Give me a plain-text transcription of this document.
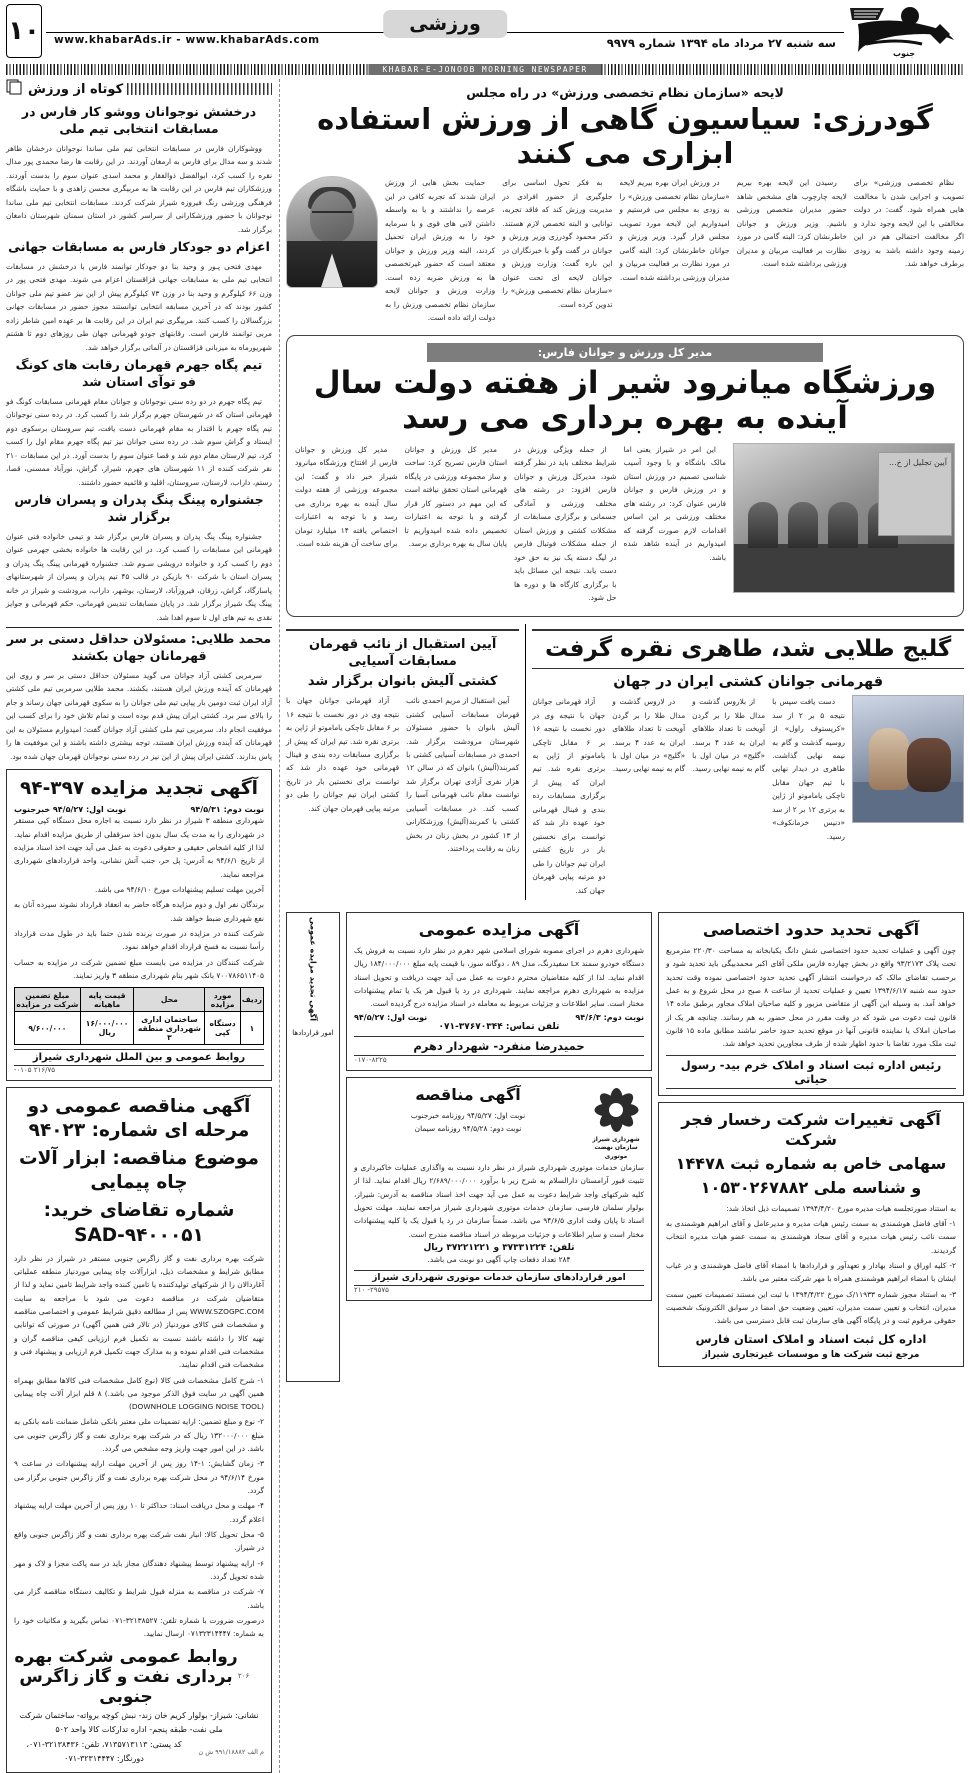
جنوب
سه شنبه ۲۷ مرداد ماه ۱۳۹۴ شماره ۹۹۷۹
ورزشی
www.khabarAds.ir - www.khabarAds.com
۱۰
KHABAR-E-JONOOB MORNING NEWSPAPER
لایحه «سازمان نظام تخصصی ورزش» در راه مجلس
گودرزی: سیاسیون گاهی از ورزش استفاده ابزاری می کنند

نظام تخصصی ورزشی» برای تصویب و اجرایی شدن با مخالفت هایی همراه شود. گفت: در دولت مخالفتی با این لایحه وجود ندارد و اگر مخالفت احتمالی هم در این زمینه وجود داشته باشد به زودی برطرف خواهد شد.

رسیدن این لایحه بهره بیریم لایحه چارچوب های مشخص شاهد حضور مدیران متخصص ورزشی باشیم. وزیر ورزش و جوانان خاطرنشان کرد: البته گامی در مورد نظارت بر فعالیت مربیان و مدیران ورزشی برداشته شده است.

در ورزش ایران بهره بیریم لایحه «سازمان نظام تخصصی ورزش» را به زودی به مجلس می فرستیم و امیدواریم این لایحه مورد تصویب مجلس قرار گیرد. وزیر ورزش و جوانان خاطرنشان کرد: البته گامی در مورد نظارت بر فعالیت مربیان و مدیران ورزشی برداشته شده است.

به فکر تحول اساسی برای جلوگیری از حضور افرادی در مدیریت ورزش کند که فاقد تجربه، توانایی و البته تخصص لازم هستند. دکتر محمود گودرزی وزیر ورزش و جوانان در گفت وگو با خبرنگاران در این باره گفت: وزارت ورزش و جوانان لایحه ای تحت عنوان «سازمان نظام تخصصی ورزش» را تدوین کرده است.

حمایت بخش هایی از ورزش ایران شدند که تجربه کافی در این عرصه را نداشتند و یا به واسطه داشتن لابی های قوی و با سرمایه خود را به ورزش ایران تحمیل کردند، البته وزیر ورزش و جوانان معتقد است که حضور غیرتخصصی ها به ورزش ضربه زده است. وزارت ورزش و جوانان لایحه سازمان نظام تخصصی ورزش را به دولت ارائه داده است.

مدیر کل ورزش و جوانان فارس:
ورزشگاه میانرود شیر از هفته دولت سال آینده به بهره برداری می رسد
آیین تجلیل از خ...

این امر در شیراز یعنی اما مالک باشگاه و با وجود آسیب شناسی تصمیم در ورزش استان و در ورزش فارس و جوانان فارس عنوان کرد: در رشته های مختلف ورزشی بر این اساس اقدامات لازم صورت گرفته که امیدواریم در آینده شاهد شده باشد.

از جمله ویژگی ورزش در شرایط مختلف باید در نظر گرفته شود، مدیرکل ورزش و جوانان فارس افزود: در رشته های مختلف ورزشی و آمادگی جسمانی و برگزاری مسابقات از مشکلات کشتی و ورزش استان از جمله مشکلات فوتبال فارس در لیگ دسته یک نیز به حق خود دست یابد. نتیجه این مسائل باید با برگزاری کارگاه ها و دوره ها حل شود.

مدیر کل ورزش و جوانان استان فارس تصریح کرد: ساخت و ساز مجموعه ورزشی در پایگاه قهرمانی استان تحقق نیافته است که این مهم در دستور کار قرار گرفته و با توجه به اعتبارات تخصیص داده شده امیدواریم تا پایان سال به بهره برداری برسد.

مدیر کل ورزش و جوانان فارس از افتتاح ورزشگاه میانرود شیراز خبر داد و گفت: این مجموعه ورزشی از هفته دولت سال آینده به بهره برداری می رسد و با توجه به اعتبارات اختصاص یافته ۱۴ میلیارد تومان برای ساخت آن هزینه شده است.

گلیج طلایی شد، طاهری نقره گرفت
قهرمانی جوانان کشتی ایران در جهان

دست یافت سپس با نتیجه ۵ بر ۲ از سد «کریستوف راول» از روسیه گذشت و گام به نیمه نهایی گذاشت. طاهری در دیدار نهایی با تیم جهان مقابل تاچکی یاماموتو از ژاپن به برتری ۱۲ بر ۲ از سد «دنیس خرمانکوف» رسید.

از بلاروس گذشت و مدال طلا را بر گردن آویخت تا تعداد طلاهای ایران به عدد ۴ برسد. «گلیج» در میان اول با گام به نیمه نهایی رسید.

در لاروس گذشت و مدال طلا را بر گردن آویخت تا تعداد طلاهای ایران به عدد ۴ برسد. «گلیج» در میان اول با گام به نیمه نهایی رسید.

آزاد قهرمانی جوانان جهان با نتیجه وی در دور نخست با نتیجه ۱۶ بر ۶ مقابل تاچکی یاماموتو از ژاپن به برتری نقره شد. تیم ایران که پیش از برگزاری مسابقات رده بندی و فینال قهرمانی خود عهده دار شد که توانست برای نخستین بار در تاریخ کشتی ایران تیم جوانان را طی دو مرتبه پیاپی قهرمان جهان کند.

آیین استقبال از نائب قهرمان مسابقات آسیایی
کشتی آلیش بانوان برگزار شد

آیین استقبال از مریم احمدی نائب قهرمان مسابقات آسیایی کشتی آلیش بانوان با حضور مسئولان شهرستان مرودشت برگزار شد. احمدی در مسابقات آسیایی کشتی با کمربند(آلیش) بانوان که در سالن ۱۲ هزار نفری آزادی تهران برگزار شد توانست مقام نائب قهرمانی آسیا را کسب کند. در مسابقات آسیایی کشتی با کمربند(آلیش) ورزشکارانی از ۱۳ کشور در بخش زنان در بخش زنان به رقابت پرداختند.

آزاد قهرمانی جوانان جهان با نتیجه وی در دور نخست با نتیجه ۱۶ بر ۶ مقابل تاچکی یاماموتو از ژاپن به برتری نقره شد. تیم ایران که پیش از برگزاری مسابقات رده بندی و فینال قهرمانی خود عهده دار شد که توانست برای نخستین بار در تاریخ کشتی ایران تیم جوانان را طی دو مرتبه پیاپی قهرمان جهان کند.

آگهی تحدید حدود اختصاصی

چون آگهی و عملیات تحدید حدود اختصاصی شش دانگ یکبابخانه به مساحت ۲۲۰/۳۰ مترمربع تحت پلاک ۹۳/۲۱۷۳ واقع در بخش چهارده فارس ملکی آقای اکبر محمدبیگی باید تحدید شود و برحسب تقاضای مالک که درخواست انتشار آگهی تحدید حدود اختصاصی نموده وقت تحدید حدود سه شنبه ۱۳۹۴/۶/۱۷ تعیین و عملیات تحدید از ساعت ۸ صبح در محل شروع و به عمل خواهد آمد. به وسیله این آگهی از متقاضی مزبور و کلیه صاحبان املاک مجاور برطبق ماده ۱۴ قانون ثبت دعوت می شود که در وقت مقرر در محل حضور به هم رسانند. چنانچه هر یک از صاحبان املاک یا نماینده قانونی آنها در موقع تحدید حدود حاضر نباشند مطابق ماده ۱۵ قانون ثبت ملک مورد تقاضا با حدود اظهار شده از طرف مجاورین تحدید خواهد شد.

رئیس اداره ثبت اسناد و املاک خرم بید- رسول حیاتی
آگهی تغییرات شرکت رخسار فجر شرکت
سهامی خاص به شماره ثبت ۱۴۴۷۸
و شناسه ملی ۱۰۵۳۰۲۶۷۸۸۲

به استناد صورتجلسه هیات مدیره مورخ ۱۳۹۴/۴/۲۰ تصمیمات ذیل اتخاذ شد:

۱- آقای فاضل هوشمندی به سمت رئیس هیات مدیره و مدیرعامل و آقای ابراهیم هوشمندی به سمت نائب رئیس هیات مدیره و آقای سجاد هوشمندی به سمت عضو هیات مدیره انتخاب گردیدند.

۲- کلیه اوراق و اسناد بهادار و تعهدآور و قراردادها با امضاء آقای فاضل هوشمندی و در غیاب ایشان با امضاء ابراهیم هوشمندی همراه با مهر شرکت معتبر می باشد.

۳- به استناد مجوز شماره ۱۱۹۳۳/ک مورخ ۱۳۹۴/۴/۲۲ با ثبت این مستند تصمیمات تعیین سمت مدیران، انتخاب و تعیین سمت مدیران، تعیین وضعیت حق امضا در سوابق الکترونیک شخصیت حقوقی مرقوم ثبت و در پایگاه آگهی های سازمان ثبت قابل دسترسی می باشد.

اداره کل ثبت اسناد و املاک استان فارس
مرجع ثبت شرکت ها و موسسات غیرتجاری شیراز
آگهی مزایده عمومی

شهرداری دهرم در اجرای مصوبه شورای اسلامی شهر دهرم در نظر دارد نسبت به فروش یک دستگاه خودرو سمند Lx سفیدرنگ، مدل ۸۹ ، دوگانه سوز، با قیمت پایه مبلغ ۱۸۴/۰۰۰/۰۰۰ ریال اقدام نماید. لذا از کلیه متقاضیان محترم دعوت به عمل می آید جهت دریافت و تحویل اسناد مزایده به شهرداری دهرم مراجعه نمایند. شهرداری در رد یا قبول هر یک یا تمام پیشنهادات مختار است. سایر اطلاعات و جزئیات مربوط به معامله در اسناد مزایده درج گردیده است.

نوبت دوم: ۹۴/۶/۳
نوبت اول: ۹۴/۵/۲۷
تلفن تماس: ۳۷۶۷۰۳۴۴-۰۷۱
حمیدرضا منفرد- شهردار دهرم
۰۱۷۰-۸۲۲۵
شهرداری شیراز
سازمان نهضت موتوری
آگهی مناقصه
نوبت اول: ۹۴/۵/۲۷ روزنامه خبرجنوب
نوبت دوم: ۹۴/۵/۲۸ روزنامه سیمان

سازمان خدمات موتوری شهرداری شیراز در نظر دارد نسبت به واگذاری عملیات خاکبرداری و تثبیت قبور آرامستان دارالسلام به شرح زیر با برآورد ۲/۶۸۹/۰۰۰/۰۰۰ ریال اقدام نماید. لذا از کلیه شرکتهای واجد شرایط دعوت به عمل می آید جهت اخذ اسناد مناقصه به آدرس: شیراز، بولوار سلمان فارسی، سازمان خدمات موتوری شهرداری شیراز مراجعه نمایند. مهلت تحویل اسناد تا پایان وقت اداری ۹۴/۶/۵ می باشد. ضمناً سازمان در رد یا قبول یک یا کلیه پیشنهادات مختار است و سایر اطلاعات و جزئیات مربوطه در اسناد مناقصه مندرج است.

تلفن: ۳۷۳۳۱۲۲۴ و ۳۷۲۲۱۲۲۱ ریال
۲۸۴ تعداد دفعات چاپ آگهی دو نوبت می باشد.
امور قراردادهای سازمان خدمات موتوری شهرداری شیراز
۲۹۵۷۵- ۲۱۰
آگهی تجدید مزایده عمومی
امور قراردادها
کوتاه از ورزش
درخشش نوجوانان ووشو کار فارس در مسابقات انتخابی تیم ملی

ووشوکاران فارس در مسابقات انتخابی تیم ملی ساندا نوجوانان درخشان ظاهر شدند و سه مدال برای فارس به ارمغان آوردند. در این رقابت ها رضا محمدی پور مدال نقره را کسب کرد، ابوالفضل ذوالفقار و محمد اسدی عنوان سوم را بدست آوردند. ورزشکاران تیم فارس در این رقابت ها به مربیگری محسن زاهدی و با حمایت باشگاه فرهنگی ورزشی رنگ فیروزه شیراز شرکت کردند. مسابقات انتخابی تیم ملی ساندا نوجوانان با حضور ورزشکارانی از سراسر کشور در استان سمنان شهرستان دامغان برگزار شد.

اعزام دو جودکار فارس به مسابقات جهانی

مهدی فتحی پـور و وحید بنا دو جودکار توانمند فارس با درخشش در مسابقات انتخابی تیم ملی به مسابقات جهانی قزاقستان اعزام می شوند. مهدی فتحی پور در وزن ۶۶ کیلوگرم و وحید بنا در وزن ۷۳ کیلوگرم پیش از این نیز عضو تیم ملی جوانان کشور بودند که در آخرین مسابقه انتخابی توانستند مجوز حضور در مسابقات جهانی بزرگسالان را کسب کنند. مربیگری تیم ایران در این رقابت ها بر عهده امین شاطر زاده مربی توانمند فارس است. رقابتهای جودو قهرمانی جهان طی روزهای دوم تا هشتم شهریورماه به میزبانی قزاقستان در آلماتی برگزار خواهد شد.

تیم پگاه جهرم قهرمان رقابت های کونگ فو توآی استان شد

تیم پگاه جهرم در دو رده سنی نوجوانان و جوانان مقام قهرمانی مسابقات کونگ فو قهرمانی استان که در شهرستان جهرم برگزار شد را کسب کرد. در رده سنی نوجوانان تیم پگاه جهرم با اقتدار به مقام قهرمانی دست یافت، تیم سروستان برسکوی دوم ایستاد و گراش سوم شد. در رده سنی جوانان نیز تیم پگاه جهرم مقام اول را کسب کرد، تیم لارستان مقام دوم شد و قصا عنوان سوم را بدست آورد. در این مسابقات ۲۱۰ نفر شرکت کننده از ۱۱ شهرستان های جهرم، شیراز، گراش، نورآباد ممسنی، قصا، رستم، داراب، لارستان، سروستان، اقلید و قائمیه حضور داشتند.

جشنواره پینگ پنگ پدران و پسران فارس برگزار شد

جشنواره پینگ پنگ پدران و پسران فارس برگزار شد و تیمی خانواده فنی عنوان قهرمانی این مسابقات را کسب کرد. در این رقابت ها خانواده بخشی جهرمی عنوان دوم را کسب کرد و خانواده درویشی سـوم شد. جشنواره قهرمانی پینگ پنگ پدران و پسران استان با شرکت ۹۰ بازیکن در قالب ۴۵ تیم پدران و پسران از شهرستانهای پاسارگاد، گراش، زرقان، فیروزآباد، لارستان، بوشهر، داراب، مرودشت و شیراز در خانه پینگ پنگ شیراز برگزار شد. در پایان مسابقات تندیس قهرمانی، حکم قهرمانی و جوایز نقدی به تیم های اول تا سوم اهدا شد.

محمد طلایی: مسئولان حداقل دستی بر سر قهرمانان جهان بکشند

سرمربی کشتی آزاد جوانان می گوید مسئولان حداقل دستی بر سر و روی این قهرمانان که آینده ورزش ایران هستند، بکشند. محمد طلایی سرمربی تیم ملی کشتی آزاد ایران ثبت دومین بار پیاپی تیم ملی جوانان را به سکوی قهرمانی جهان رساند و جام را بالای سر برد. کشتی ایران پیش قدم بوده است و تمام تلاش خود را برای کسب این موفقیت انجام داد. سرمربی تیم ملی کشتی آزاد جوانان گفت: امیدوارم مسئولان به این قهرمانان که آینده ورزش ایران هستند، توجه بیشتری داشته باشند و این موفقیت ها را پاس بدارند. کشتی ایران پیش از این نیز در رده سنی نوجوانان قهرمان جهان شده بود.

آگهی تجدید مزایده ۳۹۷-۹۴
نوبت دوم: ۹۴/۵/۳۱
نوبت اول: ۹۴/۵/۲۷ خبرجنوب

شهرداری منطقه ۳ شیراز در نظر دارد نسبت به اجاره محل دستگاه کپی مستقر در شهرداری را به مدت یک سال بدون اخذ سرقفلی از طریق مزایده اقدام نماید. لذا از کلیه اشخاص حقیقی و حقوقی دعوت به عمل می آید جهت اخذ اسناد مزایده از تاریخ ۹۴/۶/۱ به آدرس: پل حر، جنب آتش نشانی، واحد قراردادهای شهرداری مراجعه نمایند.

آخرین مهلت تسلیم پیشنهادات مورخ ۹۴/۶/۱۰ می باشد.

برندگان نفر اول و دوم مزایده هرگاه حاضر به انعقاد قرارداد نشوند سپرده آنان به نفع شهرداری ضبط خواهد شد.

شرکت کننده در مزایده در صورت برنده شدن حتما باید در طول مدت قرارداد رأسا نسبت به فسخ قرارداد اقدام خواهد نمود.

شرکت کنندگان در مزایده می بایست مبلغ تضمین شرکت در مزایده به حساب ۷۰۰۷۸۶۵۱۱۴۰۵ بانک شهر بنام شهرداری منطقه ۳ واریز نمایند.

ردیف	مورد مزایده	محل	قیمت پایه ماهیانه	مبلغ تضمین شرکت در مزایده
۱	دستگاه کپی	ساختمان اداری شهرداری منطقه ۳	۱۶/۰۰۰/۰۰۰ ریال	۹/۶۰۰/۰۰۰
روابط عمومی و بین الملل شهرداری شیراز
۲۱۶/۷۵ ۰۱۰۵-
آگهی مناقصه عمومی دو مرحله ای شماره: ۹۴۰۲۳
موضوع مناقصه: ابزار آلات چاه پیمایی
شماره تقاضای خرید: ۹۴۰۰۰۵۱-SAD

شرکت بهره برداری نفت و گاز زاگرس جنوبی مستقر در شیراز در نظر دارد مطابق شرایط و مشخصات ذیل، ابزارآلات چاه پیمایی موردنیاز منطقه عملیاتی آغاردالان را از شرکتهای تولیدکننده یا تامین کننده واجد شرایط تامین نماید و لذا از متقاضیان شرکت در مناقصه دعوت می شود با مراجعه به سایت WWW.SZOGPC.COM پس از مطالعه دقیق شرایط عمومی و اختصاصی مناقصه و مشخصات فنی کالای موردنیاز (در تالار فنی همین آگهی) در صورتی که توانایی تهیه کالا را داشته باشند نسبت به تکمیل فرم ارزیابی کیفی مناقصه گران و مشخصات فنی اقدام نموده و به مدارک جهت تکمیل فرم ارزیابی و پیشنهاد فنی و مشخصات فنی اقدام نمایند.

۱- شرح کامل مشخصات فنی کالا (نوع کامل مشخصات فنی کالاها مطابق بهمراه همین آگهی در سایت فوق الذکر موجود می باشد.) ۸ قلم ابزار آلات چاه پیمایی (DOWNHOLE LOGGING NOISE TOOL)

۲- نوع و مبلغ تضمین: ارایه تضمینات ملی معتبر بانکی شامل ضمانت نامه بانکی به مبلغ ۱۳۲۰۰۰/۰۰۰ ریال که در شرکت بهره برداری نفت و گاز زاگرس جنوبی می باشد. در این امور جهت واریز وجه مشخص می گردد.

۳- زمان گشایش: ۱-۱۴ روز پس از آخرین مهلت ارایه پیشنهادات در ساعت ۹ مورخ ۹۴/۶/۱۴ در محل شرکت بهره برداری نفت و گاز زاگرس جنوبی برگزار می گردد.

۴- مهلت و محل دریافت اسناد: حداکثر تا ۱۰ روز پس از آخرین مهلت ارایه پیشنهاد اعلام گردد.

۵- محل تحویل کالا: انبار نفت شرکت بهره برداری نفت و گاز زاگرس جنوبی واقع در شیراز.

۶- ارایه پیشنهاد توسط پیشنهاد دهندگان مجاز باید در سه پاکت مجزا و لاک و مهر شده تحویل گردد.

۷- شرکت در مناقصه به منزله قبول شرایط و تکالیف دستگاه مناقصه گزار می باشد.

درصورت ضرورت با شماره تلفن: ۳۲۱۳۸۵۲۷-۰۷۱ تماس بگیرید و مکاتبات خود را به شماره: ۰۷۱۳۲۳۱۴۴۴۷ ارسال نمایید.

۲۰۶
روابط عمومی شرکت بهره برداری نفت و گاز زاگرس جنوبی
نشانی: شیراز- بولوار کریم خان زند- نبش کوچه برواته- ساختمان شرکت ملی نفت- طبقه پنجم- اداره تدارکات کالا واحد ۵۰۲
م الف ۹۹۱/۱۸۸۸۲ ش ن
کد پستی: ۷۱۳۵۷۱۳۱۱۳، تلفن: ۳۲۱۳۸۴۳۶-۰۷۱، دورنگار: ۳۲۳۱۴۴۴۷-۰۷۱
